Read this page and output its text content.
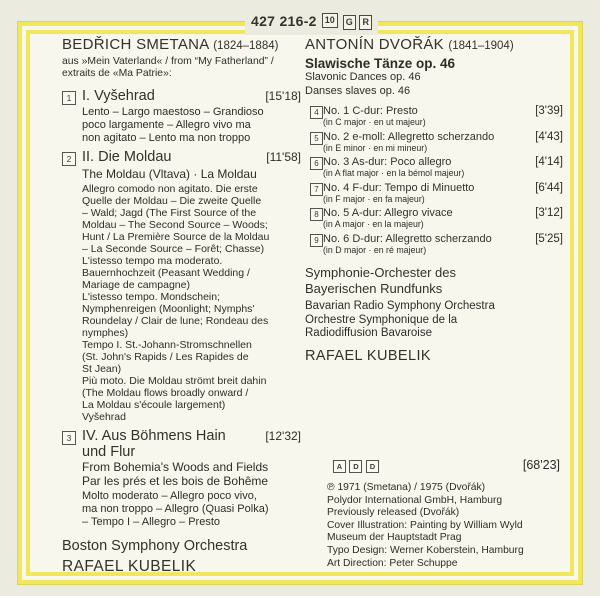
427 216-2 10	G R
BEDŘICH SMETANA (1824–1884)
aus »Mein Vaterland« / from “My Fatherland” /
extraits de «Ma Patrie»:
1 I. Vyšehrad	[15'18]
Lento – Largo maestoso – Grandioso
poco largamente – Allegro vivo ma
non agitato – Lento ma non troppo
2 II. Die Moldau	[11'58]
The Moldau (Vltava) · La Moldau
Allegro comodo non agitato. Die erste
Quelle der Moldau – Die zweite Quelle
– Wald; Jagd (The First Source of the
Moldau – The Second Source – Woods;
Hunt / La Première Source de la Moldau
– La Seconde Source – Forêt; Chasse)
L'istesso tempo ma moderato.
Bauernhochzeit (Peasant Wedding /
Mariage de campagne)
L'istesso tempo. Mondschein;
Nymphenreigen (Moonlight; Nymphs'
Roundelay / Clair de lune; Rondeau des
nymphes)
Tempo I. St.-Johann-Stromschnellen
(St. John's Rapids / Les Rapides de
St Jean)
Più moto. Die Moldau strömt breit dahin
(The Moldau flows broadly onward /
La Moldau s'écoule largement)
Vyšehrad
3 IV. Aus Böhmens Hain	[12'32]
und Flur
From Bohemia's Woods and Fields
Par les prés et les bois de Bohême
Molto moderato – Allegro poco vivo,
ma non troppo – Allegro (Quasi Polka)
– Tempo I – Allegro – Presto
Boston Symphony Orchestra
RAFAEL KUBELIK
ANTONÍN DVOŘÁK (1841–1904)
Slawische Tänze op. 46
Slavonic Dances op. 46
Danses slaves op. 46
4 No. 1 C-dur: Presto	[3'39]
(in C major · en ut majeur)
5 No. 2 e-moll: Allegretto scherzando	[4'43]
(in E minor · en mi mineur)
6 No. 3 As-dur: Poco allegro	[4'14]
(in A flat major · en la bémol majeur)
7 No. 4 F-dur: Tempo di Minuetto	[6'44]
(in F major · en fa majeur)
8 No. 5 A-dur: Allegro vivace	[3'12]
(in A major · en la majeur)
9 No. 6 D-dur: Allegretto scherzando	[5'25]
(in D major · en ré majeur)
Symphonie-Orchester des
Bayerischen Rundfunks
Bavarian Radio Symphony Orchestra
Orchestre Symphonique de la
Radiodiffusion Bavaroise
RAFAEL KUBELIK
A D D	[68'23]
℗ 1971 (Smetana) / 1975 (Dvořák)
Polydor International GmbH, Hamburg
Previously released (Dvořák)
Cover Illustration: Painting by William Wyld
Museum der Hauptstadt Prag
Typo Design: Werner Koberstein, Hamburg
Art Direction: Peter Schuppe
